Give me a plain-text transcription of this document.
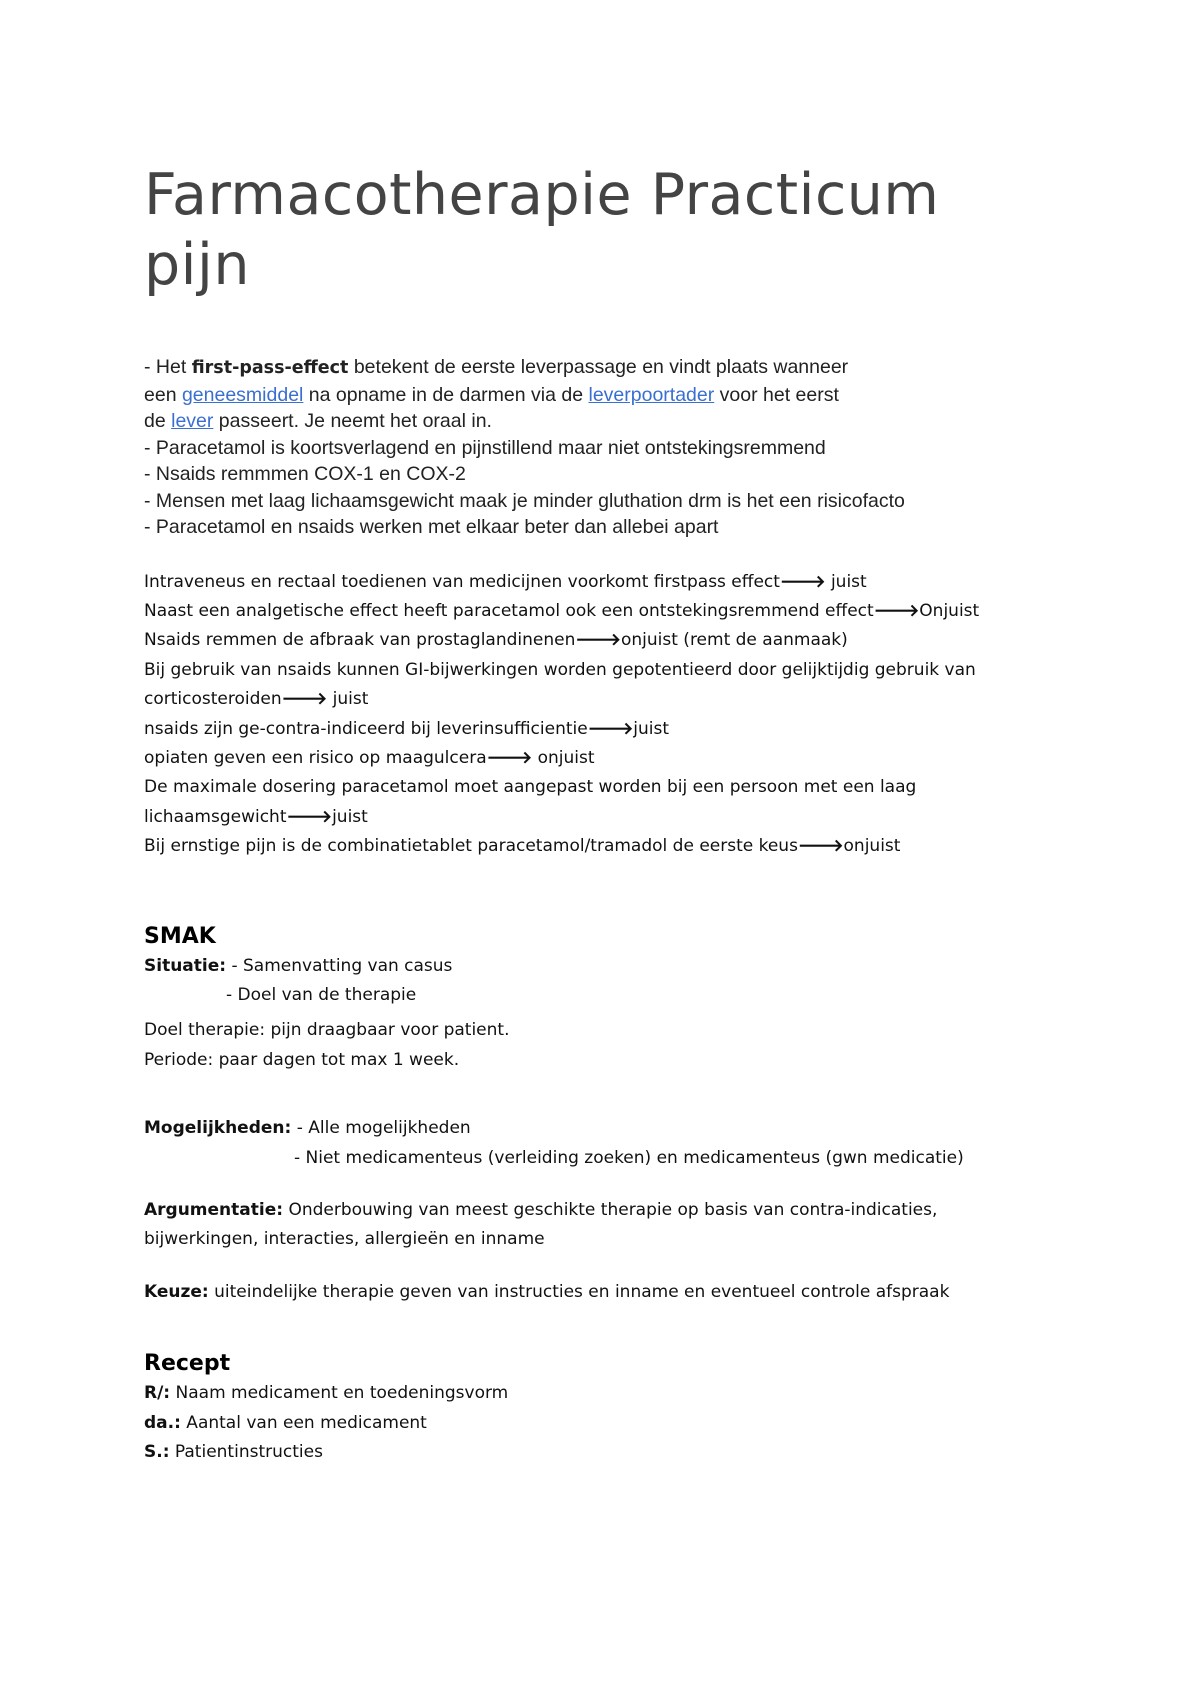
Farmacotherapie Practicum
pijn
- Het first-pass-effect betekent de eerste leverpassage en vindt plaats wanneer
een geneesmiddel na opname in de darmen via de leverpoortader voor het eerst
de lever passeert. Je neemt het oraal in.
- Paracetamol is koortsverlagend en pijnstillend maar niet ontstekingsremmend
- Nsaids remmmen COX-1 en COX-2
- Mensen met laag lichaamsgewicht maak je minder gluthation drm is het een risicofacto
- Paracetamol en nsaids werken met elkaar beter dan allebei apart
Intraveneus en rectaal toedienen van medicijnen voorkomt firstpass effect🡒 juist
Naast een analgetische effect heeft paracetamol ook een ontstekingsremmend effect🡒Onjuist
Nsaids remmen de afbraak van prostaglandinenen🡒onjuist (remt de aanmaak)
Bij gebruik van nsaids kunnen GI-bijwerkingen worden gepotentieerd door gelijktijdig gebruik van
corticosteroiden🡒 juist
nsaids zijn ge-contra-indiceerd bij leverinsufficientie🡒juist
opiaten geven een risico op maagulcera🡒 onjuist
De maximale dosering paracetamol moet aangepast worden bij een persoon met een laag
lichaamsgewicht🡒juist
Bij ernstige pijn is de combinatietablet paracetamol/tramadol de eerste keus🡒onjuist
SMAK
Situatie: - Samenvatting van casus
- Doel van de therapie
Doel therapie: pijn draagbaar voor patient.
Periode: paar dagen tot max 1 week.
Mogelijkheden: - Alle mogelijkheden
- Niet medicamenteus (verleiding zoeken) en medicamenteus (gwn medicatie)
Argumentatie: Onderbouwing van meest geschikte therapie op basis van contra-indicaties,
bijwerkingen, interacties, allergieën en inname
Keuze: uiteindelijke therapie geven van instructies en inname en eventueel controle afspraak
Recept
R/: Naam medicament en toedeningsvorm
da.: Aantal van een medicament
S.: Patientinstructies
